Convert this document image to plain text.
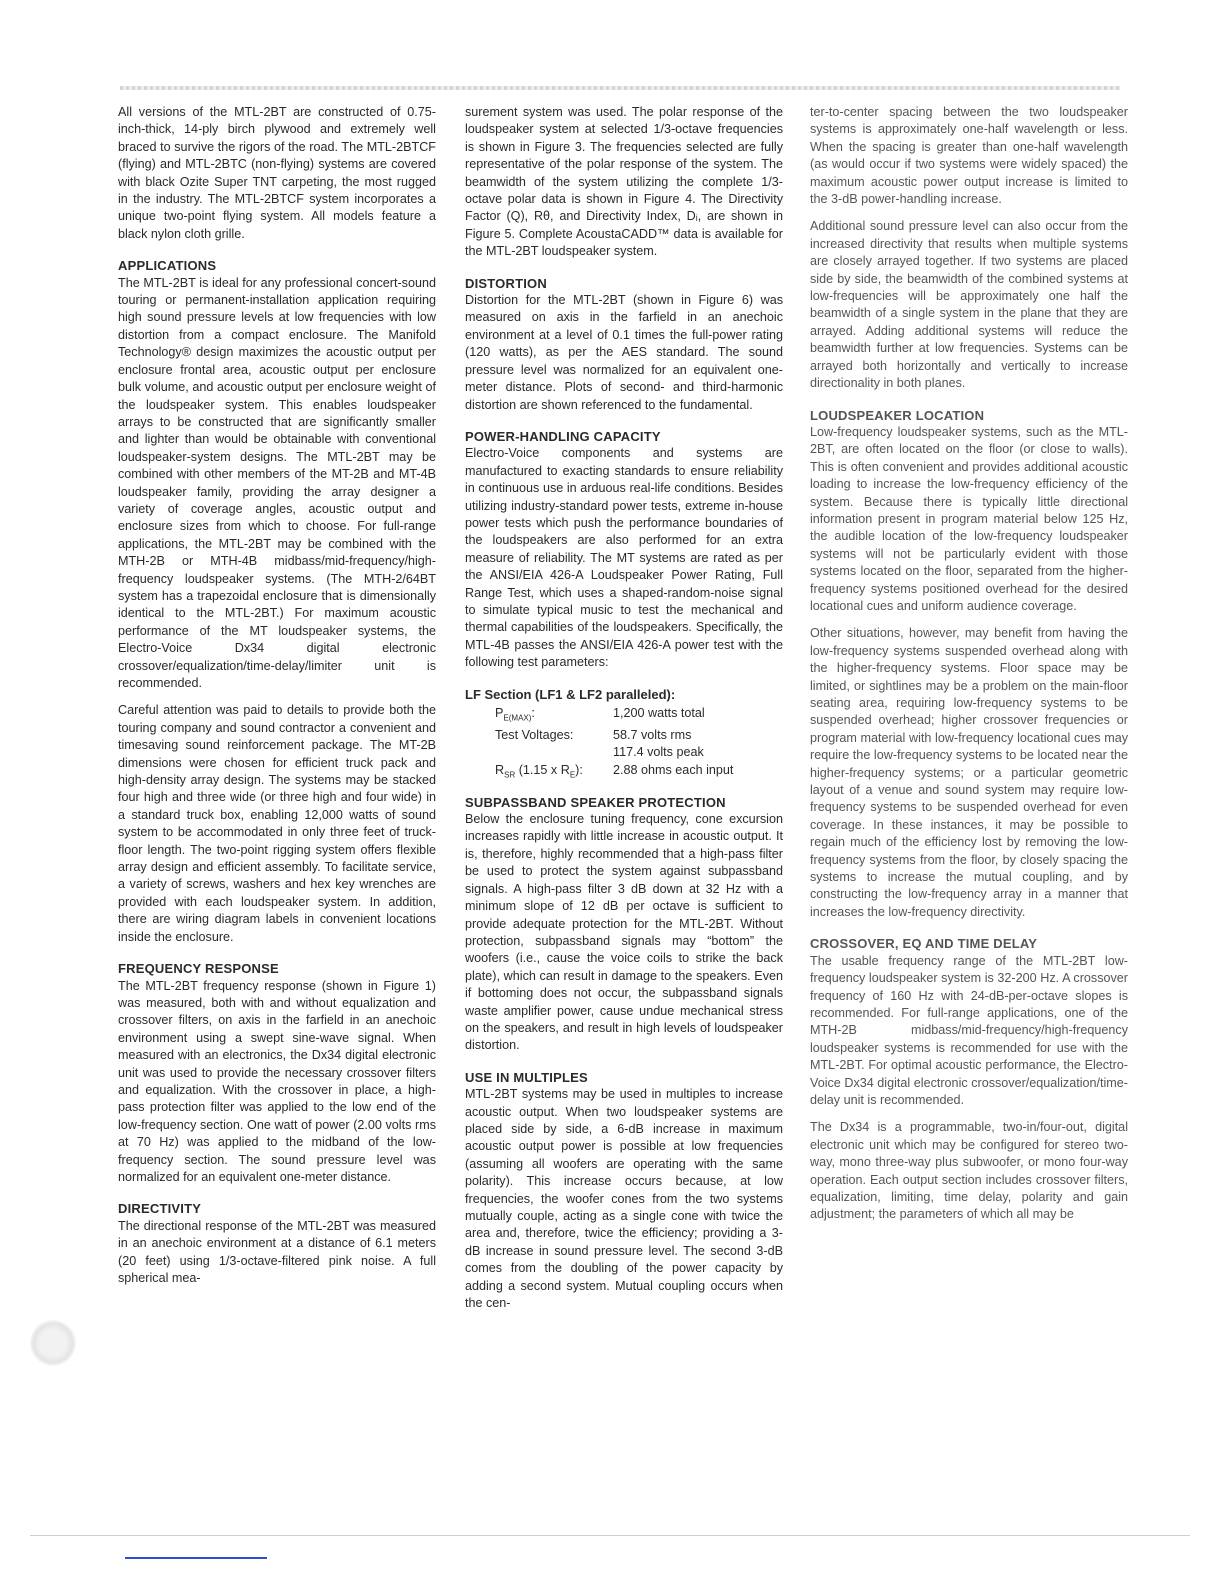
All versions of the MTL-2BT are constructed of 0.75-inch-thick, 14-ply birch plywood and extremely well braced to survive the rigors of the road. The MTL-2BTCF (flying) and MTL-2BTC (non-flying) systems are covered with black Ozite Super TNT carpeting, the most rugged in the industry. The MTL-2BTCF system incorporates a unique two-point flying system. All models feature a black nylon cloth grille.

APPLICATIONS

The MTL-2BT is ideal for any professional concert-sound touring or permanent-installation application requiring high sound pressure levels at low frequencies with low distortion from a compact enclosure. The Manifold Technology® design maximizes the acoustic output per enclosure frontal area, acoustic output per enclosure bulk volume, and acoustic output per enclosure weight of the loudspeaker system. This enables loudspeaker arrays to be constructed that are significantly smaller and lighter than would be obtainable with conventional loudspeaker-system designs. The MTL-2BT may be combined with other members of the MT-2B and MT-4B loudspeaker family, providing the array designer a variety of coverage angles, acoustic output and enclosure sizes from which to choose. For full-range applications, the MTL-2BT may be combined with the MTH-2B or MTH-4B midbass/mid-frequency/high-frequency loudspeaker systems. (The MTH-2/64BT system has a trapezoidal enclosure that is dimensionally identical to the MTL-2BT.) For maximum acoustic performance of the MT loudspeaker systems, the Electro-Voice Dx34 digital electronic crossover/equalization/time-delay/limiter unit is recommended.

Careful attention was paid to details to provide both the touring company and sound contractor a convenient and timesaving sound reinforcement package. The MT-2B dimensions were chosen for efficient truck pack and high-density array design. The systems may be stacked four high and three wide (or three high and four wide) in a standard truck box, enabling 12,000 watts of sound system to be accommodated in only three feet of truck-floor length. The two-point rigging system offers flexible array design and efficient assembly. To facilitate service, a variety of screws, washers and hex key wrenches are provided with each loudspeaker system. In addition, there are wiring diagram labels in convenient locations inside the enclosure.

FREQUENCY RESPONSE

The MTL-2BT frequency response (shown in Figure 1) was measured, both with and without equalization and crossover filters, on axis in the farfield in an anechoic environment using a swept sine-wave signal. When measured with an electronics, the Dx34 digital electronic unit was used to provide the necessary crossover filters and equalization. With the crossover in place, a high-pass protection filter was applied to the low end of the low-frequency section. One watt of power (2.00 volts rms at 70 Hz) was applied to the midband of the low-frequency section. The sound pressure level was normalized for an equivalent one-meter distance.

DIRECTIVITY

The directional response of the MTL-2BT was measured in an anechoic environment at a distance of 6.1 meters (20 feet) using 1/3-octave-filtered pink noise. A full spherical mea-

surement system was used. The polar response of the loudspeaker system at selected 1/3-octave frequencies is shown in Figure 3. The frequencies selected are fully representative of the polar response of the system. The beamwidth of the system utilizing the complete 1/3-octave polar data is shown in Figure 4. The Directivity Factor (Q), Rθ, and Directivity Index, Dᵢ, are shown in Figure 5. Complete AcoustaCADD™ data is available for the MTL-2BT loudspeaker system.

DISTORTION

Distortion for the MTL-2BT (shown in Figure 6) was measured on axis in the farfield in an anechoic environment at a level of 0.1 times the full-power rating (120 watts), as per the AES standard. The sound pressure level was normalized for an equivalent one-meter distance. Plots of second- and third-harmonic distortion are shown referenced to the fundamental.

POWER-HANDLING CAPACITY

Electro-Voice components and systems are manufactured to exacting standards to ensure reliability in continuous use in arduous real-life conditions. Besides utilizing industry-standard power tests, extreme in-house power tests which push the performance boundaries of the loudspeakers are also performed for an extra measure of reliability. The MT systems are rated as per the ANSI/EIA 426-A Loudspeaker Power Rating, Full Range Test, which uses a shaped-random-noise signal to simulate typical music to test the mechanical and thermal capabilities of the loudspeakers. Specifically, the MTL-4B passes the ANSI/EIA 426-A power test with the following test parameters:

LF Section (LF1 & LF2 paralleled):
$P_{E(MAX)}$:	1,200 watts total
Test Voltages:	58.7 volts rms
	117.4 volts peak
$R_{SR}$ (1.15 x $R_E$):	2.88 ohms each input
SUBPASSBAND SPEAKER PROTECTION

Below the enclosure tuning frequency, cone excursion increases rapidly with little increase in acoustic output. It is, therefore, highly recommended that a high-pass filter be used to protect the system against subpassband signals. A high-pass filter 3 dB down at 32 Hz with a minimum slope of 12 dB per octave is sufficient to provide adequate protection for the MTL-2BT. Without protection, subpassband signals may “bottom” the woofers (i.e., cause the voice coils to strike the back plate), which can result in damage to the speakers. Even if bottoming does not occur, the subpassband signals waste amplifier power, cause undue mechanical stress on the speakers, and result in high levels of loudspeaker distortion.

USE IN MULTIPLES

MTL-2BT systems may be used in multiples to increase acoustic output. When two loudspeaker systems are placed side by side, a 6-dB increase in maximum acoustic output power is possible at low frequencies (assuming all woofers are operating with the same polarity). This increase occurs because, at low frequencies, the woofer cones from the two systems mutually couple, acting as a single cone with twice the area and, therefore, twice the efficiency; providing a 3-dB increase in sound pressure level. The second 3-dB comes from the doubling of the power capacity by adding a second system. Mutual coupling occurs when the cen-

ter-to-center spacing between the two loudspeaker systems is approximately one-half wavelength or less. When the spacing is greater than one-half wavelength (as would occur if two systems were widely spaced) the maximum acoustic power output increase is limited to the 3-dB power-handling increase.

Additional sound pressure level can also occur from the increased directivity that results when multiple systems are closely arrayed together. If two systems are placed side by side, the beamwidth of the combined systems at low-frequencies will be approximately one half the beamwidth of a single system in the plane that they are arrayed. Adding additional systems will reduce the beamwidth further at low frequencies. Systems can be arrayed both horizontally and vertically to increase directionality in both planes.

LOUDSPEAKER LOCATION

Low-frequency loudspeaker systems, such as the MTL-2BT, are often located on the floor (or close to walls). This is often convenient and provides additional acoustic loading to increase the low-frequency efficiency of the system. Because there is typically little directional information present in program material below 125 Hz, the audible location of the low-frequency loudspeaker systems will not be particularly evident with those systems located on the floor, separated from the higher-frequency systems positioned overhead for the desired locational cues and uniform audience coverage.

Other situations, however, may benefit from having the low-frequency systems suspended overhead along with the higher-frequency systems. Floor space may be limited, or sightlines may be a problem on the main-floor seating area, requiring low-frequency systems to be suspended overhead; higher crossover frequencies or program material with low-frequency locational cues may require the low-frequency systems to be located near the higher-frequency systems; or a particular geometric layout of a venue and sound system may require low-frequency systems to be suspended overhead for even coverage. In these instances, it may be possible to regain much of the efficiency lost by removing the low-frequency systems from the floor, by closely spacing the systems to increase the mutual coupling, and by constructing the low-frequency array in a manner that increases the low-frequency directivity.

CROSSOVER, EQ AND TIME DELAY

The usable frequency range of the MTL-2BT low-frequency loudspeaker system is 32-200 Hz. A crossover frequency of 160 Hz with 24-dB-per-octave slopes is recommended. For full-range applications, one of the MTH-2B midbass/mid-frequency/high-frequency loudspeaker systems is recommended for use with the MTL-2BT. For optimal acoustic performance, the Electro-Voice Dx34 digital electronic crossover/equalization/time-delay unit is recommended.

The Dx34 is a programmable, two-in/four-out, digital electronic unit which may be configured for stereo two-way, mono three-way plus subwoofer, or mono four-way operation. Each output section includes crossover filters, equalization, limiting, time delay, polarity and gain adjustment; the parameters of which all may be
